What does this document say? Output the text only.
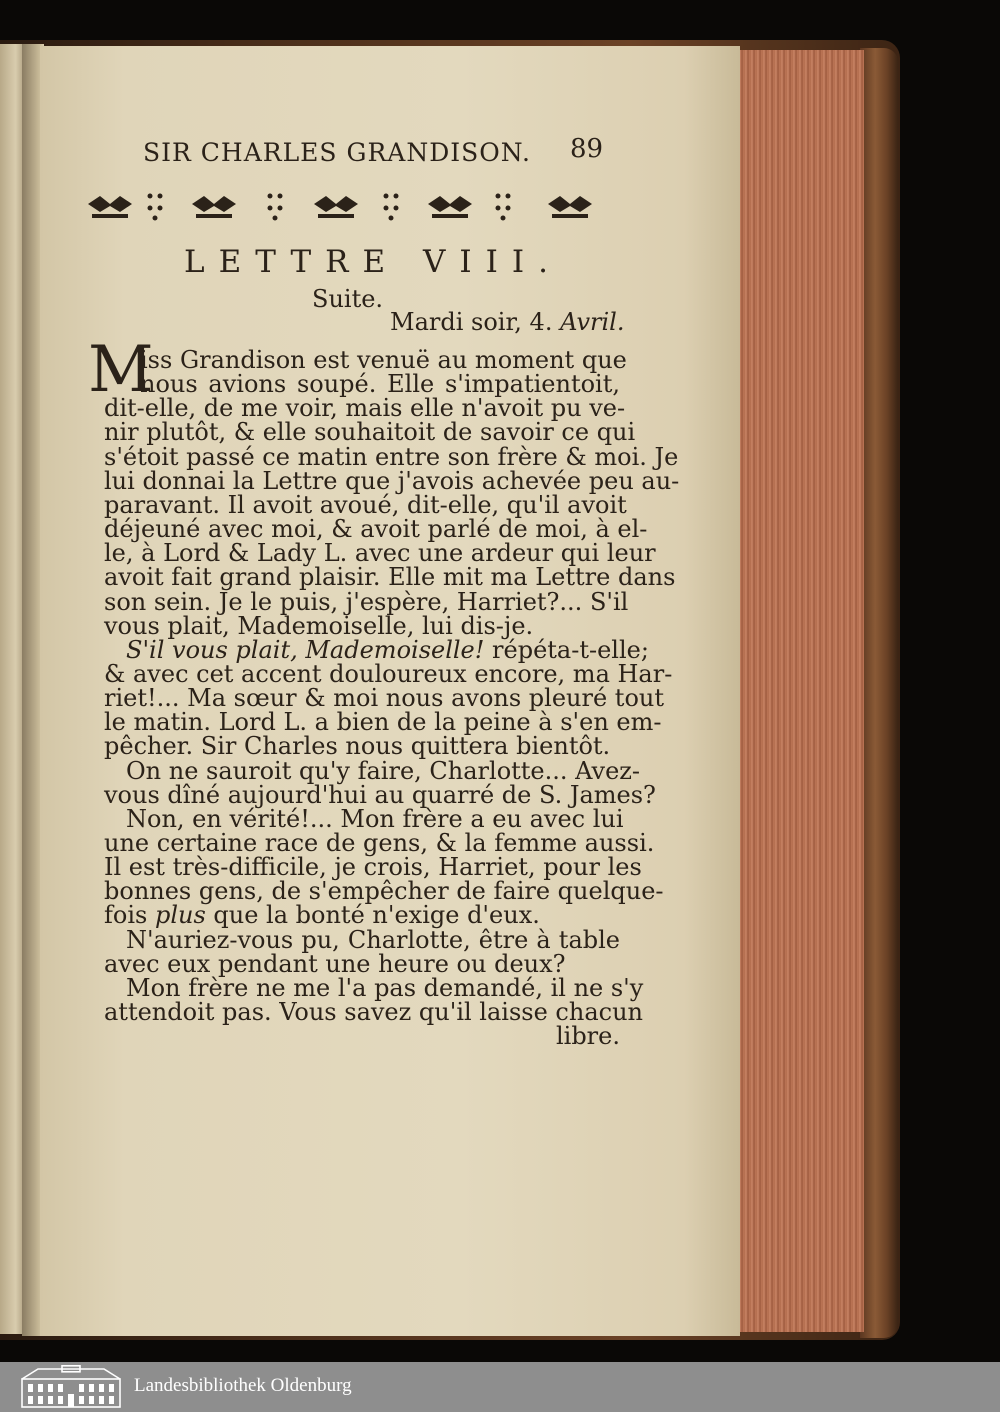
SIR CHARLES GRANDISON. 89
LETTRE VIII.
Suite.
Mardi soir, 4. Avril.
M
iss Grandison est venuë au moment que
nous avions soupé. Elle s'impatientoit,
dit-elle, de me voir, mais elle n'avoit pu ve-
nir plutôt, & elle souhaitoit de savoir ce qui
s'étoit passé ce matin entre son frère & moi. Je
lui donnai la Lettre que j'avois achevée peu au-
paravant. Il avoit avoué, dit-elle, qu'il avoit
déjeuné avec moi, & avoit parlé de moi, à el-
le, à Lord & Lady L. avec une ardeur qui leur
avoit fait grand plaisir. Elle mit ma Lettre dans
son sein. Je le puis, j'espère, Harriet?... S'il
vous plait, Mademoiselle, lui dis-je.
S'il vous plait, Mademoiselle! répéta-t-elle;
& avec cet accent douloureux encore, ma Har-
riet!... Ma sœur & moi nous avons pleuré tout
le matin. Lord L. a bien de la peine à s'en em-
pêcher. Sir Charles nous quittera bientôt.
On ne sauroit qu'y faire, Charlotte... Avez-
vous dîné aujourd'hui au quarré de S. James?
Non, en vérité!... Mon frère a eu avec lui
une certaine race de gens, & la femme aussi.
Il est très-difficile, je crois, Harriet, pour les
bonnes gens, de s'empêcher de faire quelque-
fois plus que la bonté n'exige d'eux.
N'auriez-vous pu, Charlotte, être à table
avec eux pendant une heure ou deux?
Mon frère ne me l'a pas demandé, il ne s'y
attendoit pas. Vous savez qu'il laisse chacun
libre.
Landesbibliothek Oldenburg
